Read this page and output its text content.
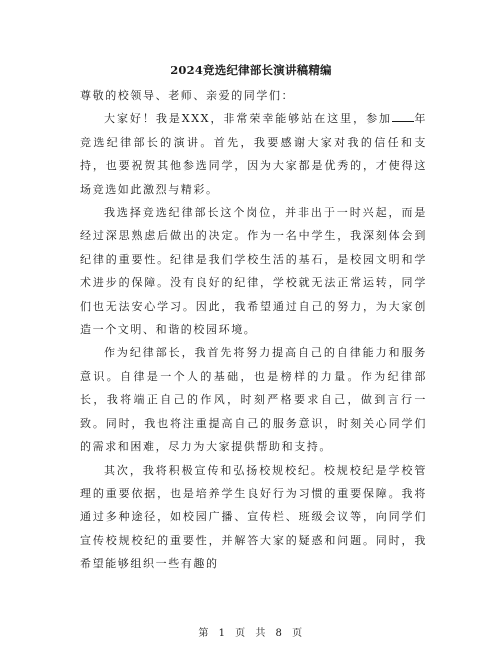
2024竞选纪律部长演讲稿精编

尊敬的校领导、老师、亲爱的同学们：

大家好！我是XXX，非常荣幸能够站在这里，参加 年竞选纪律部长的演讲。首先，我要感谢大家对我的信任和支持，也要祝贺其他参选同学，因为大家都是优秀的，才使得这场竞选如此激烈与精彩。

我选择竞选纪律部长这个岗位，并非出于一时兴起，而是经过深思熟虑后做出的决定。作为一名中学生，我深刻体会到纪律的重要性。纪律是我们学校生活的基石，是校园文明和学术进步的保障。没有良好的纪律，学校就无法正常运转，同学们也无法安心学习。因此，我希望通过自己的努力，为大家创造一个文明、和谐的校园环境。

作为纪律部长，我首先将努力提高自己的自律能力和服务意识。自律是一个人的基础，也是榜样的力量。作为纪律部长，我将端正自己的作风，时刻严格要求自己，做到言行一致。同时，我也将注重提高自己的服务意识，时刻关心同学们的需求和困难，尽力为大家提供帮助和支持。

其次，我将积极宣传和弘扬校规校纪。校规校纪是学校管理的重要依据，也是培养学生良好行为习惯的重要保障。我将通过多种途径，如校园广播、宣传栏、班级会议等，向同学们宣传校规校纪的重要性，并解答大家的疑惑和问题。同时，我希望能够组织一些有趣的

第 1 页 共 8 页
